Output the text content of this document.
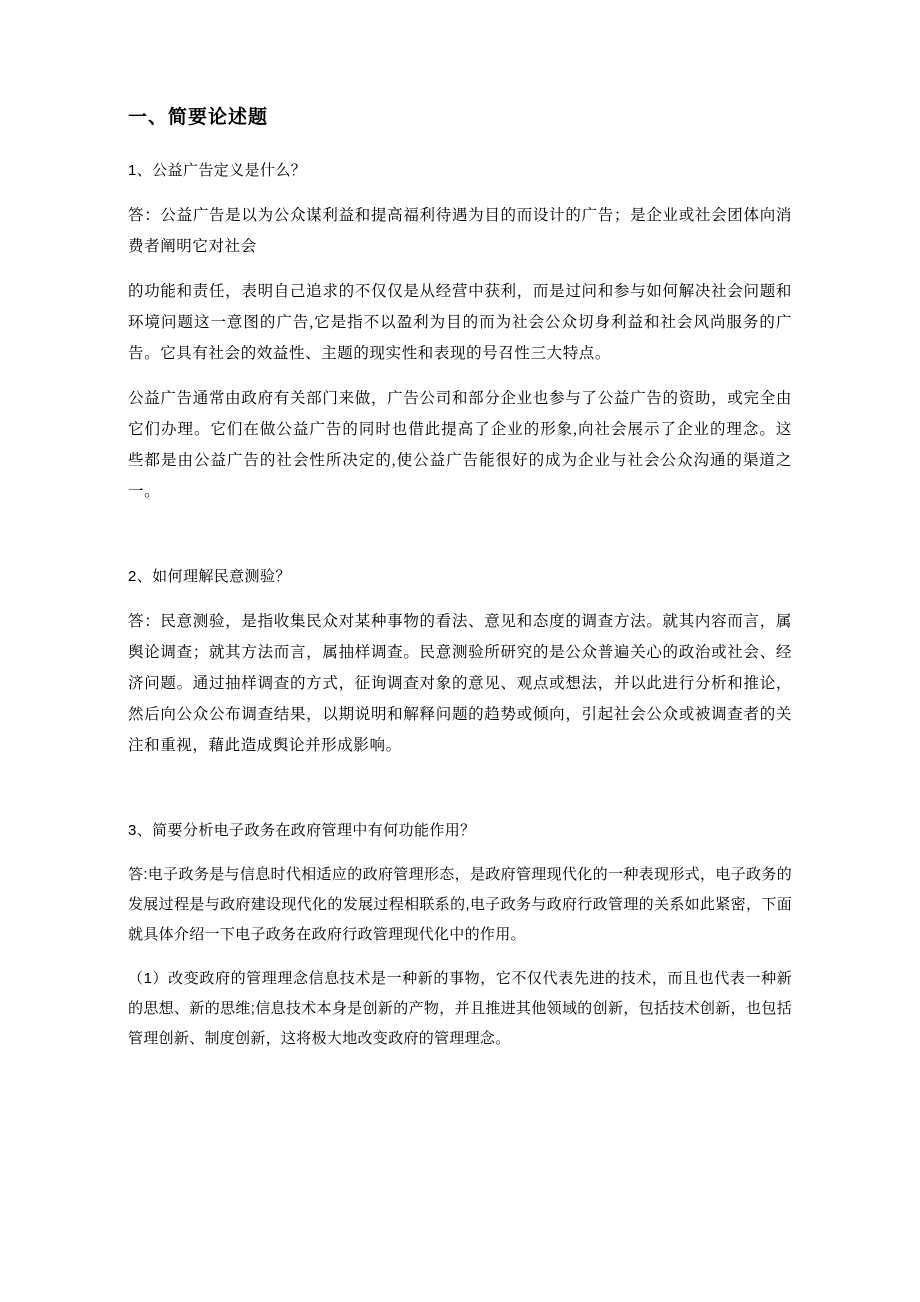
一、简要论述题

1、公益广告定义是什么？

答：公益广告是以为公众谋利益和提高福利待遇为目的而设计的广告；是企业或社会团体向消费者阐明它对社会

的功能和责任，表明自己追求的不仅仅是从经营中获利，而是过问和参与如何解决社会问题和环境问题这一意图的广告,它是指不以盈利为目的而为社会公众切身利益和社会风尚服务的广告。它具有社会的效益性、主题的现实性和表现的号召性三大特点。

公益广告通常由政府有关部门来做，广告公司和部分企业也参与了公益广告的资助，或完全由它们办理。它们在做公益广告的同时也借此提高了企业的形象,向社会展示了企业的理念。这些都是由公益广告的社会性所决定的,使公益广告能很好的成为企业与社会公众沟通的渠道之一。

2、如何理解民意测验？

答：民意测验，是指收集民众对某种事物的看法、意见和态度的调查方法。就其内容而言，属舆论调查；就其方法而言，属抽样调查。民意测验所研究的是公众普遍关心的政治或社会、经济问题。通过抽样调查的方式，征询调查对象的意见、观点或想法，并以此进行分析和推论，然后向公众公布调查结果，以期说明和解释问题的趋势或倾向，引起社会公众或被调查者的关注和重视，藉此造成舆论并形成影响。

3、简要分析电子政务在政府管理中有何功能作用？

答:电子政务是与信息时代相适应的政府管理形态，是政府管理现代化的一种表现形式，电子政务的发展过程是与政府建设现代化的发展过程相联系的,电子政务与政府行政管理的关系如此紧密，下面就具体介绍一下电子政务在政府行政管理现代化中的作用。

（1）改变政府的管理理念信息技术是一种新的事物，它不仅代表先进的技术，而且也代表一种新的思想、新的思维;信息技术本身是创新的产物，并且推进其他领域的创新，包括技术创新，也包括管理创新、制度创新，这将极大地改变政府的管理理念。
